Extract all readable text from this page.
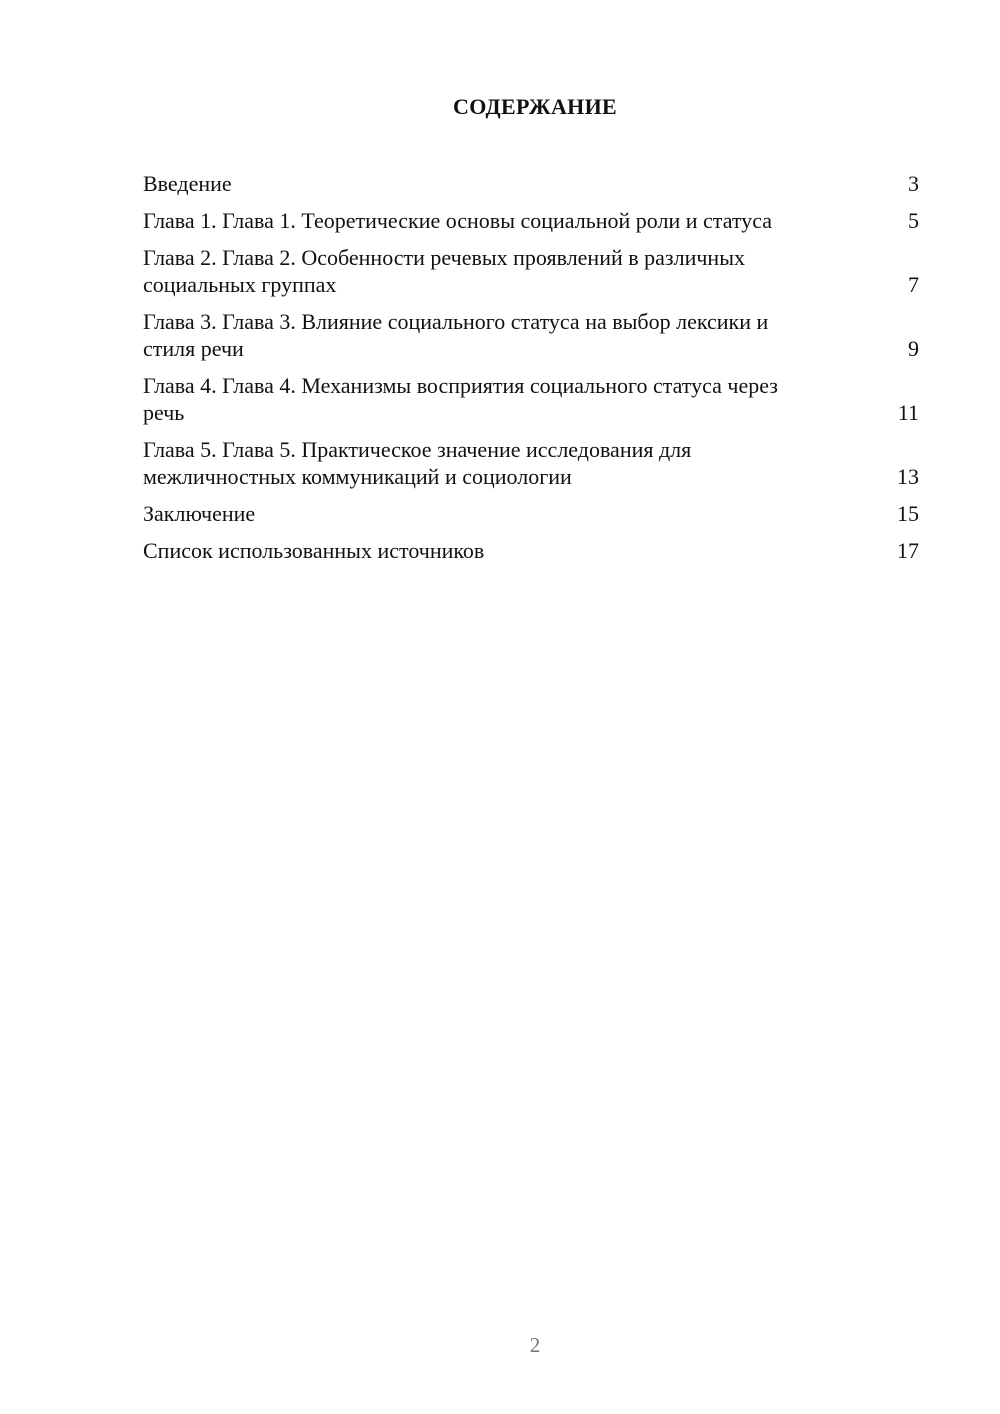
СОДЕРЖАНИЕ
Введение	3
Глава 1. Глава 1. Теоретические основы социальной роли и статуса	5
Глава 2. Глава 2. Особенности речевых проявлений в различных социальных группах	7
Глава 3. Глава 3. Влияние социального статуса на выбор лексики и стиля речи	9
Глава 4. Глава 4. Механизмы восприятия социального статуса через речь	11
Глава 5. Глава 5. Практическое значение исследования для межличностных коммуникаций и социологии	13
Заключение	15
Список использованных источников	17
2
